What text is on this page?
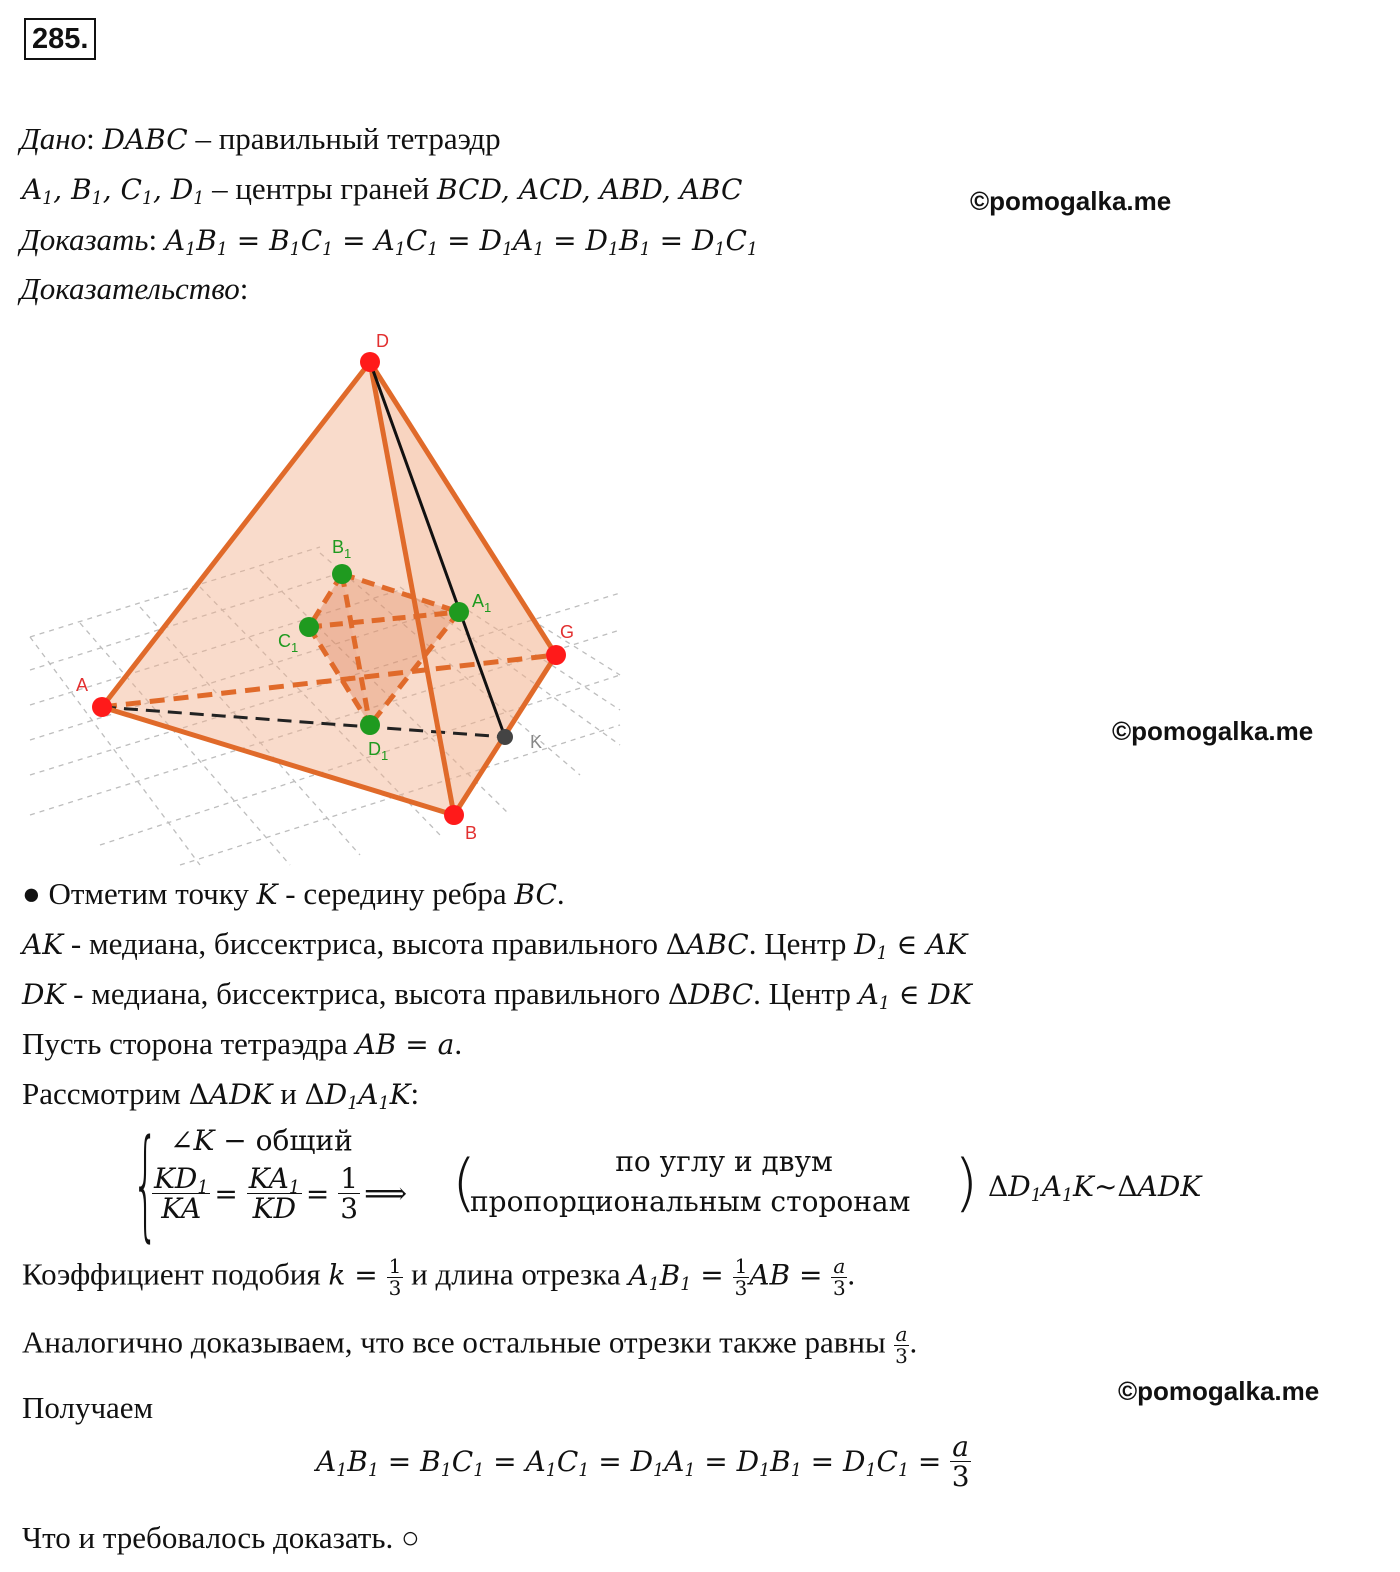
285.
Дано: DABC – правильный тетраэдр
$A_1$, $B_1$, $C_1$, $D_1$ – центры граней BCD, ACD, ABD, ABC	©pomogalka.me
Доказать: $A_1B_1 = B_1C_1 = A_1C_1 = D_1A_1 = D_1B_1 = D_1C_1$
Доказательство:
D
A
B
G
K
$B_1$
$C_1$
$A_1$
$D_1$
©pomogalka.me
● Отметим точку K - середину ребра BC.
AK - медиана, биссектриса, высота правильного ΔABC. Центр $D_1$ ∈ AK
DK - медиана, биссектриса, высота правильного ΔDBC. Центр $A_1$ ∈ DK
Пусть сторона тетраэдра AB = a.
Рассмотрим ΔADK и $\Delta D_1A_1K$:
{ ∠K − общий
$\frac{KD_1}{KA} = \frac{KA_1}{KD} = \frac{1}{3}$ ⟹ (	по углу и двум
пропорциональным сторонам ) $\Delta D_1A_1K\sim\Delta ADK$
Коэффициент подобия $k = \frac{1}{3}$ и длина отрезка $A_1B_1 = \frac{1}{3}$ AB = $\frac{a}{3}$ .
Аналогично доказываем, что все остальные отрезки также равны $\frac{a}{3}$ .
©pomogalka.me
Получаем
$A_1B_1 = B_1C_1 = A_1C_1 = D_1A_1 = D_1B_1 = D_1C_1 = \frac{a}{3}$
Что и требовалось доказать. ○
